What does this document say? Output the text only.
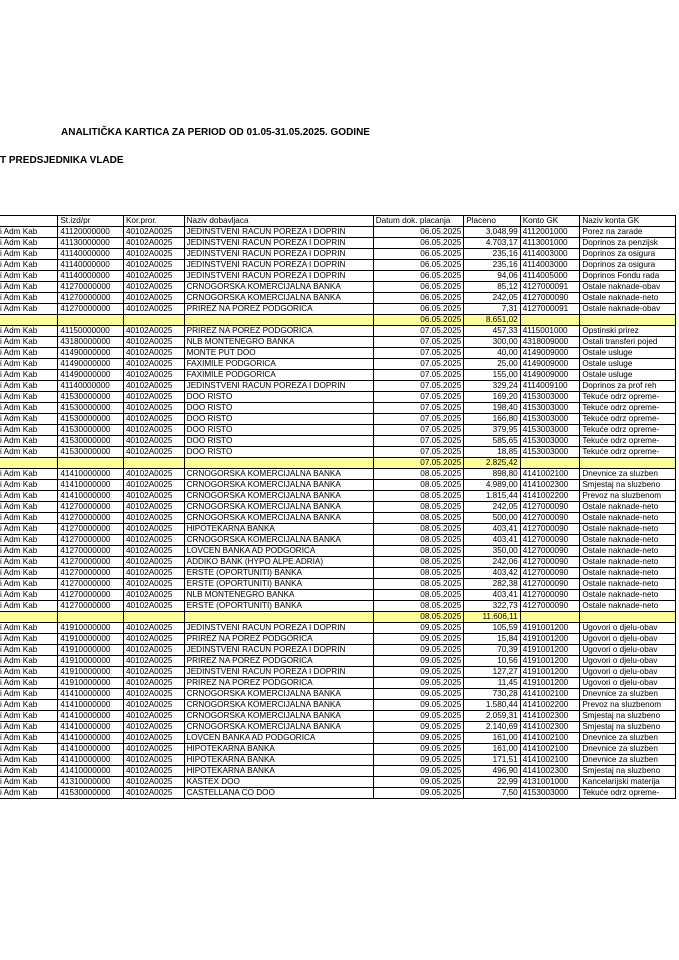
ANALITIČKA KARTICA ZA PERIOD OD 01.05-31.05.2025. GODINE
T PREDSJEDNIKA VLADE
	St.izd/pr	Kor.pror.	Naziv dobavljaca	Datum dok. placanja	Placeno	Konto GK	Naziv konta GK
i Adm Kab	41120000000	40102A0025	JEDINSTVENI RACUN POREZA I DOPRIN	06.05.2025	3.048,99	4112001000	Porez na zarade
i Adm Kab	41130000000	40102A0025	JEDINSTVENI RACUN POREZA I DOPRIN	06.05.2025	4.703,17	4113001000	Doprinos za penzijsk
i Adm Kab	41140000000	40102A0025	JEDINSTVENI RACUN POREZA I DOPRIN	06.05.2025	235,16	4114003000	Doprinos za osigura
i Adm Kab	41140000000	40102A0025	JEDINSTVENI RACUN POREZA I DOPRIN	06.05.2025	235,16	4114003000	Doprinos za osigura
i Adm Kab	41140000000	40102A0025	JEDINSTVENI RACUN POREZA I DOPRIN	06.05.2025	94,06	4114005000	Doprinos Fondu rada
i Adm Kab	41270000000	40102A0025	CRNOGORSKA KOMERCIJALNA BANKA	06.05.2025	85,12	4127000091	Ostale naknade-obav
i Adm Kab	41270000000	40102A0025	CRNOGORSKA KOMERCIJALNA BANKA	06.05.2025	242,05	4127000090	Ostale naknade-neto
i Adm Kab	41270000000	40102A0025	PRIREZ NA POREZ PODGORICA	06.05.2025	7,31	4127000091	Ostale naknade-obav
				06.05.2025	8.651,02		
i Adm Kab	41150000000	40102A0025	PRIREZ NA POREZ PODGORICA	07.05.2025	457,33	4115001000	Opstinski prirez
i Adm Kab	43180000000	40102A0025	NLB MONTENEGRO BANKA	07.05.2025	300,00	4318009000	Ostali transferi pojed
i Adm Kab	41490000000	40102A0025	MONTE PUT DOO	07.05.2025	40,00	4149009000	Ostale usluge
i Adm Kab	41490000000	40102A0025	FAXIMILE PODGORICA	07.05.2025	25,00	4149009000	Ostale usluge
i Adm Kab	41490000000	40102A0025	FAXIMILE PODGORICA	07.05.2025	155,00	4149009000	Ostale usluge
i Adm Kab	41140000000	40102A0025	JEDINSTVENI RACUN POREZA I DOPRIN	07.05.2025	329,24	4114009100	Doprinos za prof reh
i Adm Kab	41530000000	40102A0025	DOO RISTO	07.05.2025	169,20	4153003000	Tekuće odrz opreme-
i Adm Kab	41530000000	40102A0025	DOO RISTO	07.05.2025	198,40	4153003000	Tekuće odrz opreme-
i Adm Kab	41530000000	40102A0025	DOO RISTO	07.05.2025	166,80	4153003000	Tekuće odrz opreme-
i Adm Kab	41530000000	40102A0025	DOO RISTO	07.05.2025	379,95	4153003000	Tekuće odrz opreme-
i Adm Kab	41530000000	40102A0025	DOO RISTO	07.05.2025	585,65	4153003000	Tekuće odrz opreme-
i Adm Kab	41530000000	40102A0025	DOO RISTO	07.05.2025	18,85	4153003000	Tekuće odrz opreme-
				07.05.2025	2.825,42		
i Adm Kab	41410000000	40102A0025	CRNOGORSKA KOMERCIJALNA BANKA	08.05.2025	898,80	4141002100	Dnevnice za sluzben
i Adm Kab	41410000000	40102A0025	CRNOGORSKA KOMERCIJALNA BANKA	08.05.2025	4.989,00	4141002300	Smjestaj na sluzbeno
i Adm Kab	41410000000	40102A0025	CRNOGORSKA KOMERCIJALNA BANKA	08.05.2025	1.815,44	4141002200	Prevoz na sluzbenom
i Adm Kab	41270000000	40102A0025	CRNOGORSKA KOMERCIJALNA BANKA	08.05.2025	242,05	4127000090	Ostale naknade-neto
i Adm Kab	41270000000	40102A0025	CRNOGORSKA KOMERCIJALNA BANKA	08.05.2025	500,00	4127000090	Ostale naknade-neto
i Adm Kab	41270000000	40102A0025	HIPOTEKARNA BANKA	08.05.2025	403,41	4127000090	Ostale naknade-neto
i Adm Kab	41270000000	40102A0025	CRNOGORSKA KOMERCIJALNA BANKA	08.05.2025	403,41	4127000090	Ostale naknade-neto
i Adm Kab	41270000000	40102A0025	LOVCEN BANKA AD PODGORICA	08.05.2025	350,00	4127000090	Ostale naknade-neto
i Adm Kab	41270000000	40102A0025	ADDIKO BANK (HYPO ALPE ADRIA)	08.05.2025	242,06	4127000090	Ostale naknade-neto
i Adm Kab	41270000000	40102A0025	ERSTE (OPORTUNITI) BANKA	08.05.2025	403,42	4127000090	Ostale naknade-neto
i Adm Kab	41270000000	40102A0025	ERSTE (OPORTUNITI) BANKA	08.05.2025	282,38	4127000090	Ostale naknade-neto
i Adm Kab	41270000000	40102A0025	NLB MONTENEGRO BANKA	08.05.2025	403,41	4127000090	Ostale naknade-neto
i Adm Kab	41270000000	40102A0025	ERSTE (OPORTUNITI) BANKA	08.05.2025	322,73	4127000090	Ostale naknade-neto
				08.05.2025	11.606,11		
i Adm Kab	41910000000	40102A0025	JEDINSTVENI RACUN POREZA I DOPRIN	09.05.2025	105,59	4191001200	Ugovori o djelu-obav
i Adm Kab	41910000000	40102A0025	PRIREZ NA POREZ PODGORICA	09.05.2025	15,84	4191001200	Ugovori o djelu-obav
i Adm Kab	41910000000	40102A0025	JEDINSTVENI RACUN POREZA I DOPRIN	09.05.2025	70,39	4191001200	Ugovori o djelu-obav
i Adm Kab	41910000000	40102A0025	PRIREZ NA POREZ PODGORICA	09.05.2025	10,56	4191001200	Ugovori o djelu-obav
i Adm Kab	41910000000	40102A0025	JEDINSTVENI RACUN POREZA I DOPRIN	09.05.2025	127,27	4191001200	Ugovori o djelu-obav
i Adm Kab	41910000000	40102A0025	PRIREZ NA POREZ PODGORICA	09.05.2025	11,45	4191001200	Ugovori o djelu-obav
i Adm Kab	41410000000	40102A0025	CRNOGORSKA KOMERCIJALNA BANKA	09.05.2025	730,28	4141002100	Dnevnice za sluzben
i Adm Kab	41410000000	40102A0025	CRNOGORSKA KOMERCIJALNA BANKA	09.05.2025	1.580,44	4141002200	Prevoz na sluzbenom
i Adm Kab	41410000000	40102A0025	CRNOGORSKA KOMERCIJALNA BANKA	09.05.2025	2.059,31	4141002300	Smjestaj na sluzbeno
i Adm Kab	41410000000	40102A0025	CRNOGORSKA KOMERCIJALNA BANKA	09.05.2025	2.140,69	4141002300	Smjestaj na sluzbeno
i Adm Kab	41410000000	40102A0025	LOVCEN BANKA AD PODGORICA	09.05.2025	161,00	4141002100	Dnevnice za sluzben
i Adm Kab	41410000000	40102A0025	HIPOTEKARNA BANKA	09.05.2025	161,00	4141002100	Dnevnice za sluzben
i Adm Kab	41410000000	40102A0025	HIPOTEKARNA BANKA	09.05.2025	171,51	4141002100	Dnevnice za sluzben
i Adm Kab	41410000000	40102A0025	HIPOTEKARNA BANKA	09.05.2025	496,90	4141002300	Smjestaj na sluzbeno
i Adm Kab	41310000000	40102A0025	KASTEX DOO	09.05.2025	22,99	4131001000	Kancelarijski materija
i Adm Kab	41530000000	40102A0025	CASTELLANA CO DOO	09.05.2025	7,50	4153003000	Tekuće odrz opreme-
